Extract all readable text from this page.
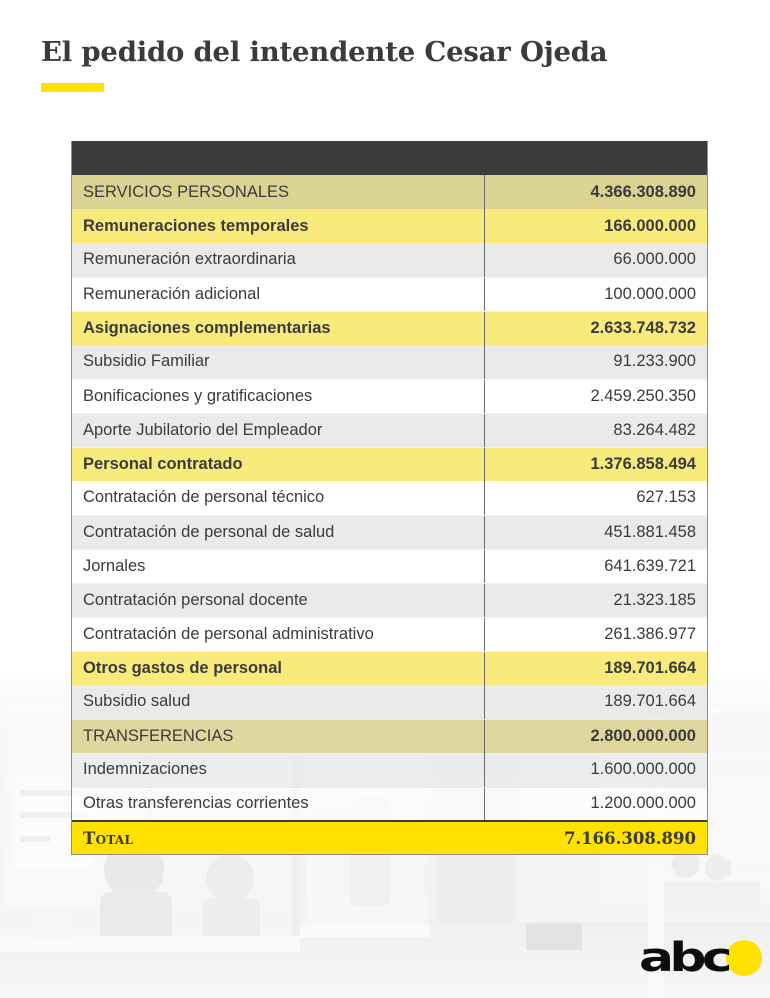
El pedido del intendente Cesar Ojeda
Detalle	Montos
SERVICIOS PERSONALES	4.366.308.890
Remuneraciones temporales	166.000.000
Remuneración extraordinaria	66.000.000
Remuneración adicional	100.000.000
Asignaciones complementarias	2.633.748.732
Subsidio Familiar	91.233.900
Bonificaciones y gratificaciones	2.459.250.350
Aporte Jubilatorio del Empleador	83.264.482
Personal contratado	1.376.858.494
Contratación de personal técnico	627.153
Contratación de personal de salud	451.881.458
Jornales	641.639.721
Contratación personal docente	21.323.185
Contratación de personal administrativo	261.386.977
Otros gastos de personal	189.701.664
Subsidio salud	189.701.664
TRANSFERENCIAS	2.800.000.000
Indemnizaciones	1.600.000.000
Otras transferencias corrientes	1.200.000.000
Total	7.166.308.890
abc
